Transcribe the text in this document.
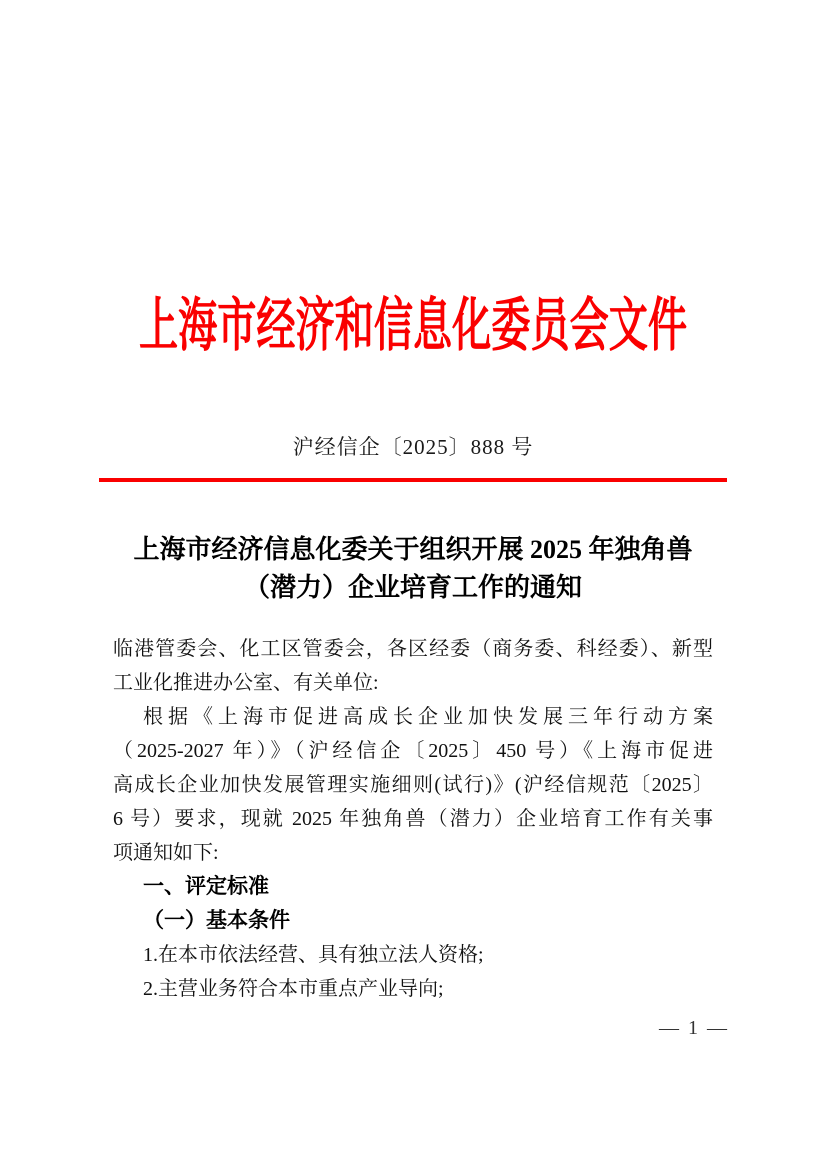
上海市经济和信息化委员会文件
沪经信企〔2025〕888 号
上海市经济信息化委关于组织开展 2025 年独角兽
（潜力）企业培育工作的通知
临港管委会、化工区管委会，各区经委（商务委、科经委）、新型
工业化推进办公室、有关单位:
根据《上海市促进高成长企业加快发展三年行动方案
（2025-2027 年）》（沪经信企〔2025〕450 号）《上海市促进
高成长企业加快发展管理实施细则(试行)》(沪经信规范〔2025〕
6 号）要求，现就 2025 年独角兽（潜力）企业培育工作有关事
项通知如下:
一、评定标准
（一）基本条件
1.在本市依法经营、具有独立法人资格;
2.主营业务符合本市重点产业导向;
— 1 —
